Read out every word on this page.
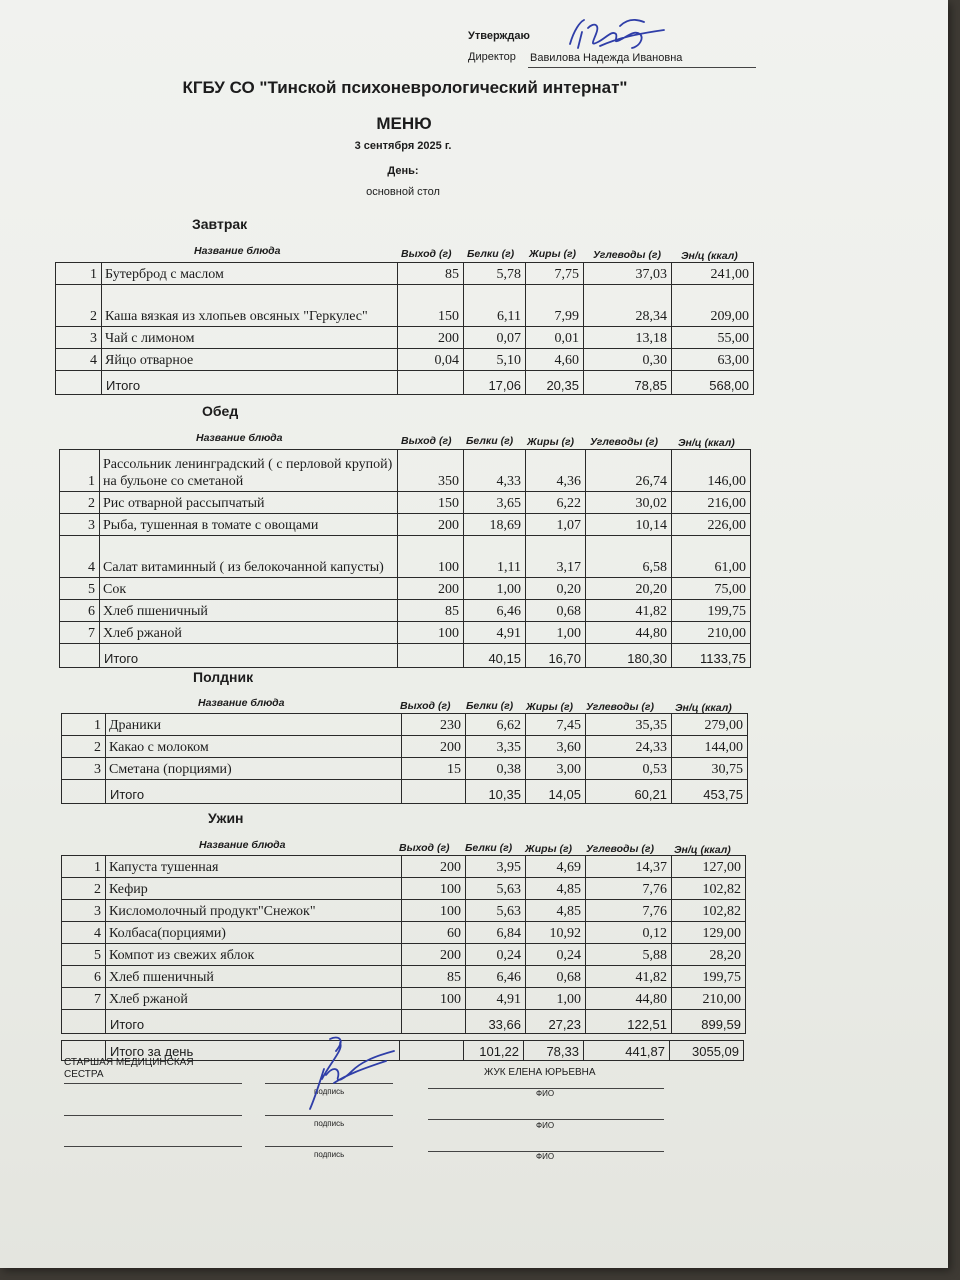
Утверждаю
Директор Вавилова Надежда Ивановна
КГБУ СО "Тинской психоневрологический интернат"
МЕНЮ
3 сентября 2025 г.
День:
основной стол
Завтрак
Название блюда	Выход (г) Белки (г) Жиры (г) Углеводы (г) Эн/ц (ккал)
1	Бутерброд с маслом	85	5,78	7,75	37,03	241,00
2	Каша вязкая из хлопьев овсяных "Геркулес"	150	6,11	7,99	28,34	209,00
3	Чай с лимоном	200	0,07	0,01	13,18	55,00
4	Яйцо отварное	0,04	5,10	4,60	0,30	63,00
	Итого		17,06	20,35	78,85	568,00
Обед
Название блюда	Выход (г) Белки (г) Жиры (г) Углеводы (г) Эн/ц (ккал)
1	Рассольник ленинградский ( с перловой крупой) на бульоне со сметаной	350	4,33	4,36	26,74	146,00
2	Рис отварной рассыпчатый	150	3,65	6,22	30,02	216,00
3	Рыба, тушенная в томате с овощами	200	18,69	1,07	10,14	226,00
4	Салат витаминный ( из белокочанной капусты)	100	1,11	3,17	6,58	61,00
5	Сок	200	1,00	0,20	20,20	75,00
6	Хлеб пшеничный	85	6,46	0,68	41,82	199,75
7	Хлеб ржаной	100	4,91	1,00	44,80	210,00
	Итого		40,15	16,70	180,30	1133,75
Полдник
Название блюда	Выход (г) Белки (г) Жиры (г) Углеводы (г) Эн/ц (ккал)
1	Драники	230	6,62	7,45	35,35	279,00
2	Какао с молоком	200	3,35	3,60	24,33	144,00
3	Сметана (порциями)	15	0,38	3,00	0,53	30,75
	Итого		10,35	14,05	60,21	453,75
Ужин
Название блюда	Выход (г) Белки (г) Жиры (г) Углеводы (г) Эн/ц (ккал)
1	Капуста тушенная	200	3,95	4,69	14,37	127,00
2	Кефир	100	5,63	4,85	7,76	102,82
3	Кисломолочный продукт"Снежок"	100	5,63	4,85	7,76	102,82
4	Колбаса(порциями)	60	6,84	10,92	0,12	129,00
5	Компот из свежих яблок	200	0,24	0,24	5,88	28,20
6	Хлеб пшеничный	85	6,46	0,68	41,82	199,75
7	Хлеб ржаной	100	4,91	1,00	44,80	210,00
	Итого		33,66	27,23	122,51	899,59
	Итого за день		101,22	78,33	441,87	3055,09
СТАРШАЯ МЕДИЦИНСКАЯ СЕСТРА	ЖУК ЕЛЕНА ЮРЬЕВНА
подпись	ФИО
подпись	ФИО
подпись	ФИО
